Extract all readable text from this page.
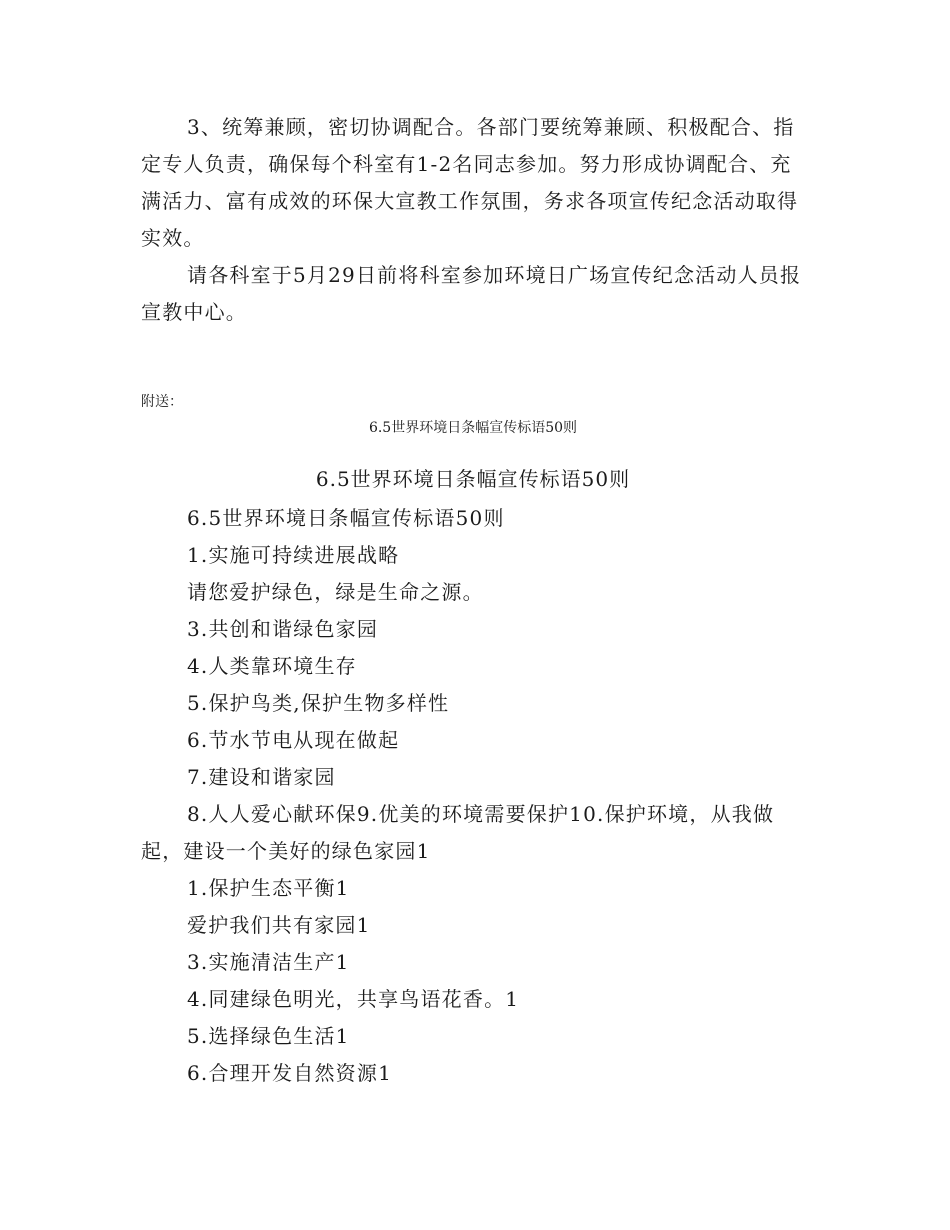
3、统筹兼顾，密切协调配合。各部门要统筹兼顾、积极配合、指定专人负责，确保每个科室有1-2名同志参加。努力形成协调配合、充满活力、富有成效的环保大宣教工作氛围，务求各项宣传纪念活动取得实效。

请各科室于5月29日前将科室参加环境日广场宣传纪念活动人员报宣教中心。

附送：

6.5世界环境日条幅宣传标语50则

6.5世界环境日条幅宣传标语50则

6.5世界环境日条幅宣传标语50则
1.实施可持续进展战略
请您爱护绿色，绿是生命之源。
3.共创和谐绿色家园
4.人类靠环境生存
5.保护鸟类,保护生物多样性
6.节水节电从现在做起
7.建设和谐家园
8.人人爱心献环保9.优美的环境需要保护10.保护环境，从我做起，建设一个美好的绿色家园1
1.保护生态平衡1
爱护我们共有家园1
3.实施清洁生产1
4.同建绿色明光，共享鸟语花香。1
5.选择绿色生活1
6.合理开发自然资源1
